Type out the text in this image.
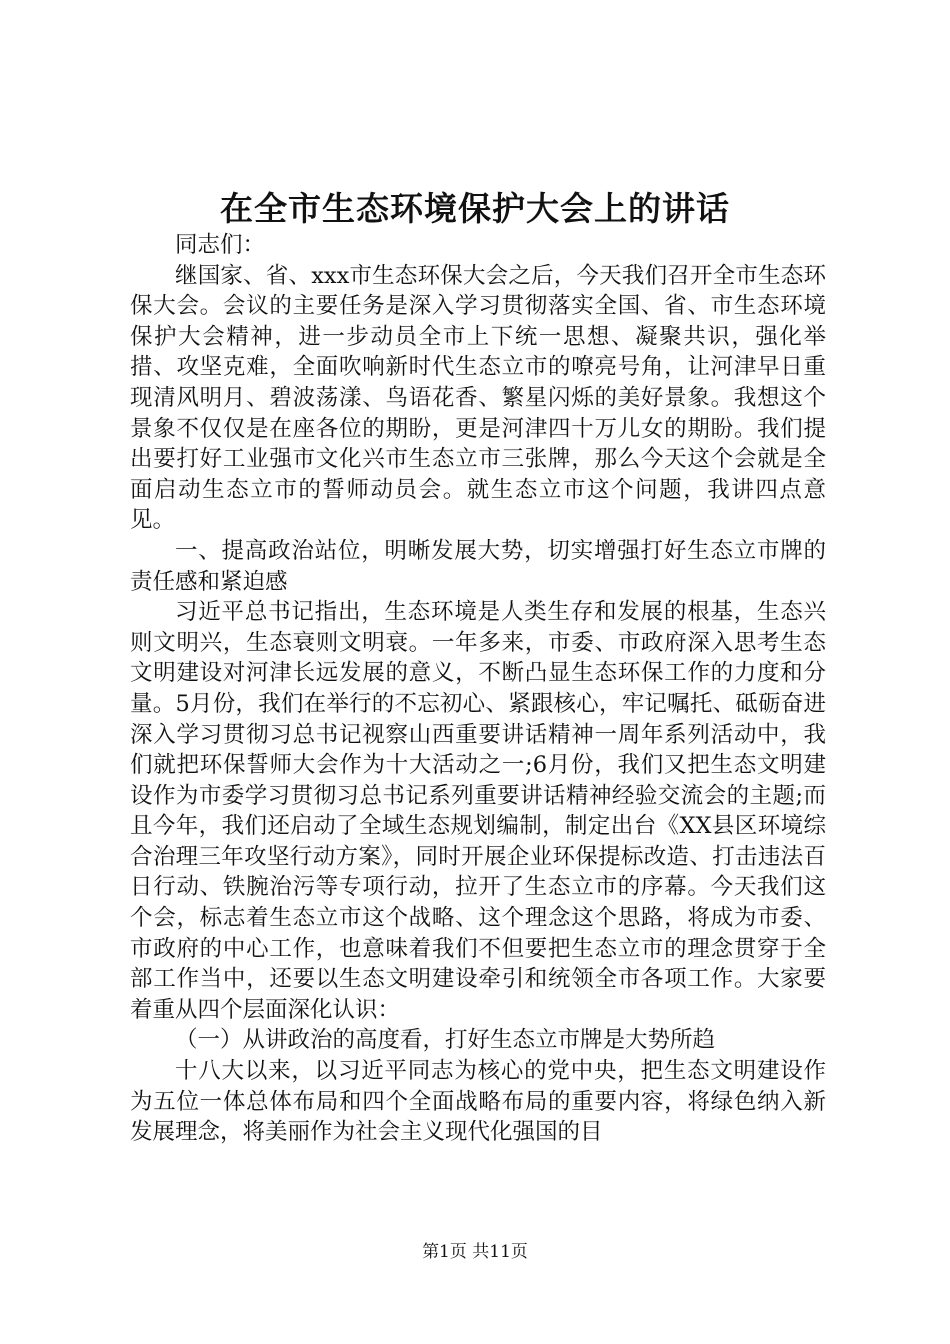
在全市生态环境保护大会上的讲话

同志们：

继国家、省、xxx市生态环保大会之后，今天我们召开全市生态环保大会。会议的主要任务是深入学习贯彻落实全国、省、市生态环境保护大会精神，进一步动员全市上下统一思想、凝聚共识，强化举措、攻坚克难，全面吹响新时代生态立市的嘹亮号角，让河津早日重现清风明月、碧波荡漾、鸟语花香、繁星闪烁的美好景象。我想这个景象不仅仅是在座各位的期盼，更是河津四十万儿女的期盼。我们提出要打好工业强市文化兴市生态立市三张牌，那么今天这个会就是全面启动生态立市的誓师动员会。就生态立市这个问题，我讲四点意见。

一、提高政治站位，明晰发展大势，切实增强打好生态立市牌的责任感和紧迫感

习近平总书记指出，生态环境是人类生存和发展的根基，生态兴则文明兴，生态衰则文明衰。一年多来，市委、市政府深入思考生态文明建设对河津长远发展的意义，不断凸显生态环保工作的力度和分量。5月份，我们在举行的不忘初心、紧跟核心，牢记嘱托、砥砺奋进深入学习贯彻习总书记视察山西重要讲话精神一周年系列活动中，我们就把环保誓师大会作为十大活动之一;6月份，我们又把生态文明建设作为市委学习贯彻习总书记系列重要讲话精神经验交流会的主题;而且今年，我们还启动了全域生态规划编制，制定出台《XX县区环境综合治理三年攻坚行动方案》，同时开展企业环保提标改造、打击违法百日行动、铁腕治污等专项行动，拉开了生态立市的序幕。今天我们这个会，标志着生态立市这个战略、这个理念这个思路，将成为市委、市政府的中心工作，也意味着我们不但要把生态立市的理念贯穿于全部工作当中，还要以生态文明建设牵引和统领全市各项工作。大家要着重从四个层面深化认识：

（一）从讲政治的高度看，打好生态立市牌是大势所趋

十八大以来，以习近平同志为核心的党中央，把生态文明建设作为五位一体总体布局和四个全面战略布局的重要内容，将绿色纳入新发展理念，将美丽作为社会主义现代化强国的目

第1页 共11页
